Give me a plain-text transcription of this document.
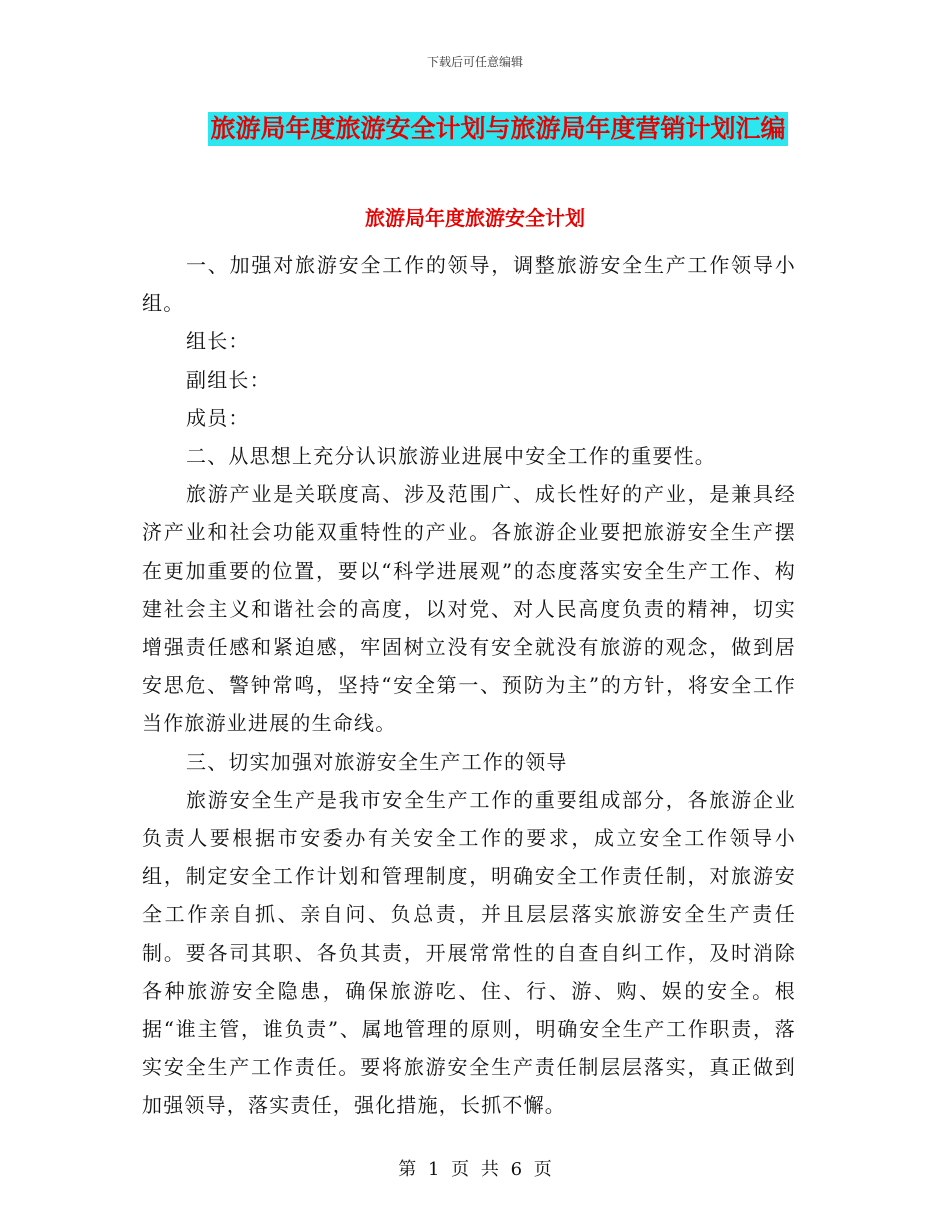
下载后可任意编辑
旅游局年度旅游安全计划与旅游局年度营销计划汇编
旅游局年度旅游安全计划

一、加强对旅游安全工作的领导，调整旅游安全生产工作领导小组。

组长：

副组长：

成员：

二、从思想上充分认识旅游业进展中安全工作的重要性。

旅游产业是关联度高、涉及范围广、成长性好的产业，是兼具经济产业和社会功能双重特性的产业。各旅游企业要把旅游安全生产摆在更加重要的位置，要以“科学进展观”的态度落实安全生产工作、构建社会主义和谐社会的高度，以对党、对人民高度负责的精神，切实增强责任感和紧迫感，牢固树立没有安全就没有旅游的观念，做到居安思危、警钟常鸣，坚持“安全第一、预防为主”的方针，将安全工作当作旅游业进展的生命线。

三、切实加强对旅游安全生产工作的领导

旅游安全生产是我市安全生产工作的重要组成部分，各旅游企业负责人要根据市安委办有关安全工作的要求，成立安全工作领导小组，制定安全工作计划和管理制度，明确安全工作责任制，对旅游安全工作亲自抓、亲自问、负总责，并且层层落实旅游安全生产责任制。要各司其职、各负其责，开展常常性的自查自纠工作，及时消除各种旅游安全隐患，确保旅游吃、住、行、游、购、娱的安全。根据“谁主管，谁负责”、属地管理的原则，明确安全生产工作职责，落实安全生产工作责任。要将旅游安全生产责任制层层落实，真正做到加强领导，落实责任，强化措施，长抓不懈。

第 1 页 共 6 页
